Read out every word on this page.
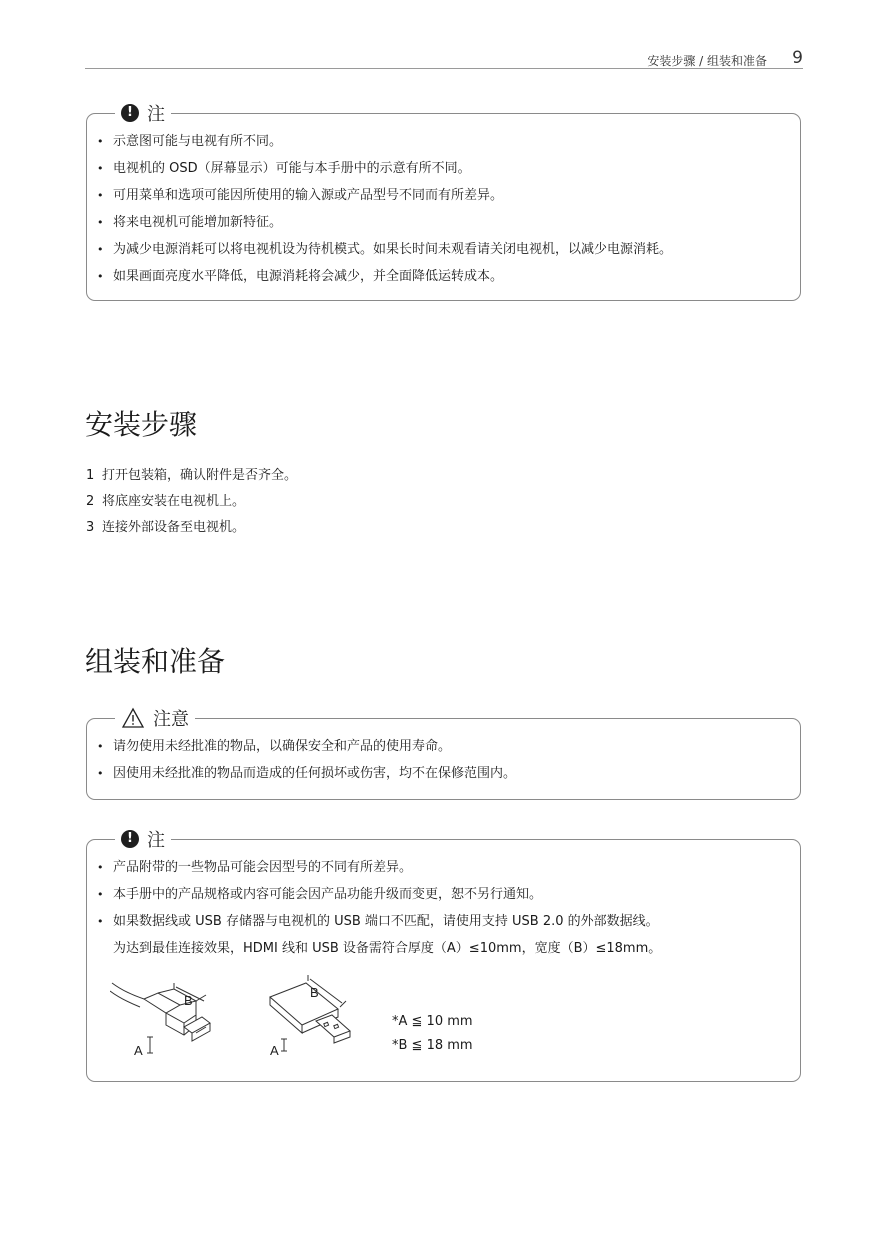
安装步骤 / 组装和准备 9
! 注
• 示意图可能与电视有所不同。
• 电视机的 OSD（屏幕显示）可能与本手册中的示意有所不同。
• 可用菜单和选项可能因所使用的输入源或产品型号不同而有所差异。
• 将来电视机可能增加新特征。
• 为减少电源消耗可以将电视机设为待机模式。如果长时间未观看请关闭电视机，以减少电源消耗。
• 如果画面亮度水平降低，电源消耗将会减少，并全面降低运转成本。
安装步骤
1 打开包装箱，确认附件是否齐全。
2 将底座安装在电视机上。
3 连接外部设备至电视机。
组装和准备
注意
• 请勿使用未经批准的物品，以确保安全和产品的使用寿命。
• 因使用未经批准的物品而造成的任何损坏或伤害，均不在保修范围内。
! 注
• 产品附带的一些物品可能会因型号的不同有所差异。
• 本手册中的产品规格或内容可能会因产品功能升级而变更，恕不另行通知。
• 如果数据线或 USB 存储器与电视机的 USB 端口不匹配，请使用支持 USB 2.0 的外部数据线。
为达到最佳连接效果，HDMI 线和 USB 设备需符合厚度（A）≤10mm，宽度（B）≤18mm。
B
A
B
A
*A ≦ 10 mm
*B ≦ 18 mm
